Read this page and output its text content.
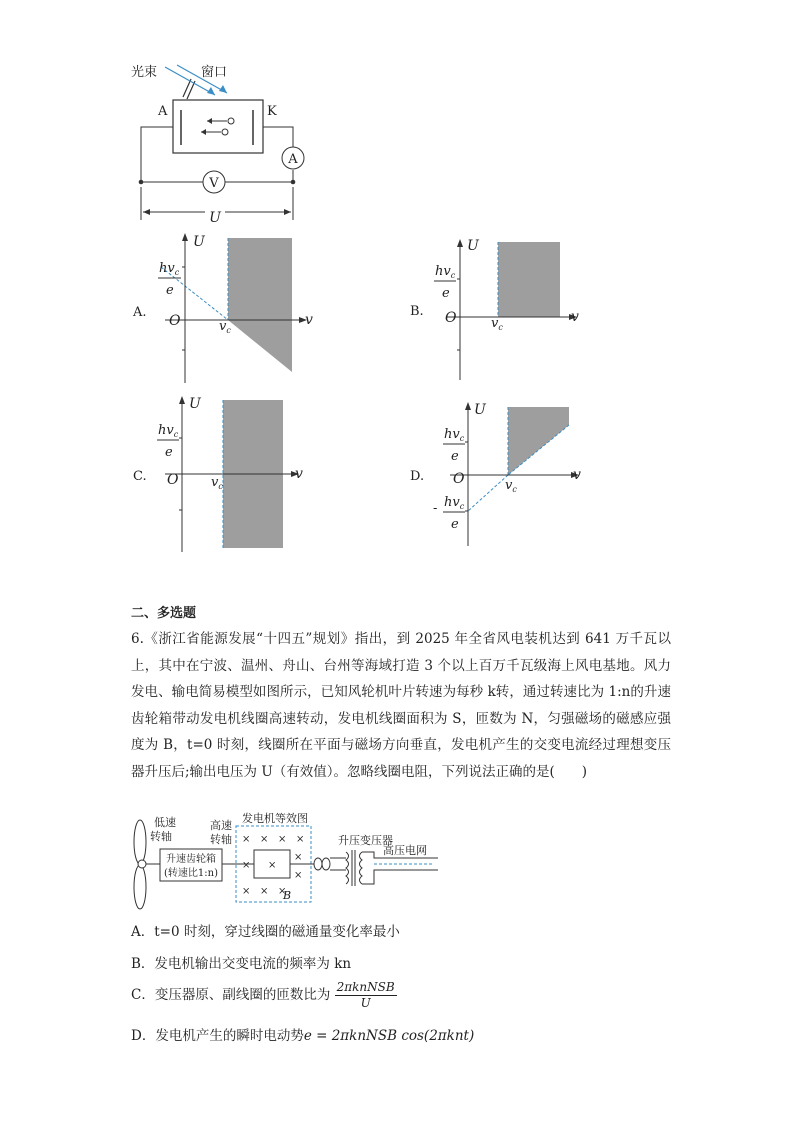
A
V
光束	窗口
A	K
U
A.
U
v
O	$v_c$
$hv_c$
e
B.
U
v
O	$v_c$
$hv_c$
e
C.
U
v
O	$v_c$
$hv_c$
e
D.
U
v
O	$v_c$
$hv_c$
e
- $hv_c$
e
二、多选题
6.《浙江省能源发展“十四五”规划》指出，到 2025 年全省风电装机达到 641 万千瓦以上，其中在宁波、温州、舟山、台州等海域打造 3 个以上百万千瓦级海上风电基地。风力发电、输电简易模型如图所示，已知风轮机叶片转速为每秒 k转，通过转速比为 1:n的升速齿轮箱带动发电机线圈高速转动，发电机线圈面积为 S，匝数为 N，匀强磁场的磁感应强度为 B，t=0 时刻，线圈所在平面与磁场方向垂直，发电机产生的交变电流经过理想变压器升压后;输出电压为 U（有效值）。忽略线圈电阻，下列说法正确的是(　　)
低速
转轴
升速齿轮箱
(转速比1:n)
高速
转轴
发电机等效图
× × × ×
× ×
×
×
× × ×
B
升压变压器
高压电网
A．t=0 时刻，穿过线圈的磁通量变化率最小
B．发电机输出交变电流的频率为 kn
C．变压器原、副线圈的匝数比为 $\frac{\text{2πknNSB}}{U}$
D．发电机产生的瞬时电动势e = 2πknNSB cos(2πknt)
